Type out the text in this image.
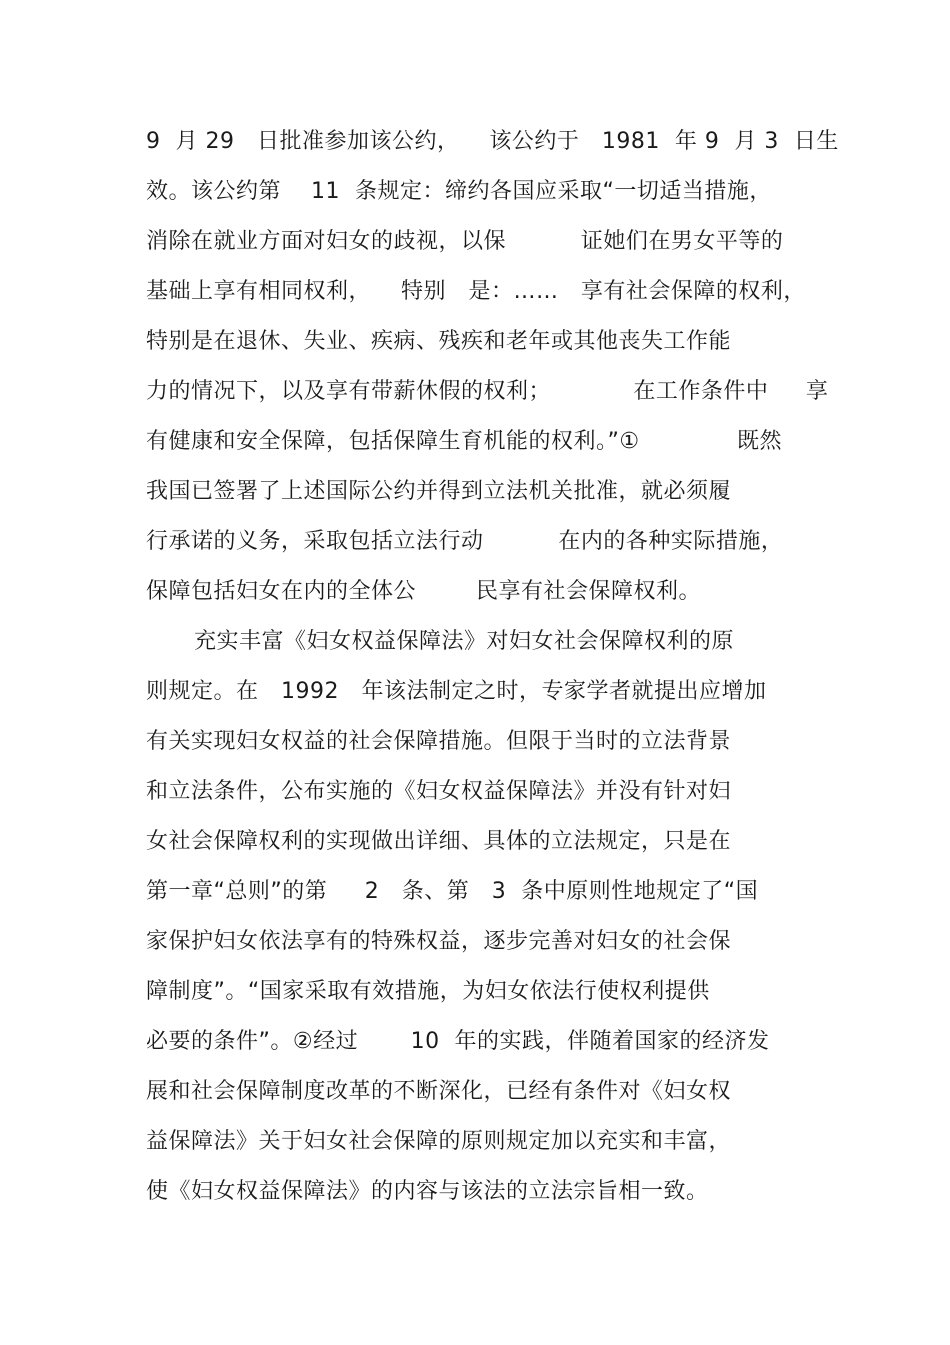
9  月 29   日批准参加该公约，    该公约于   1981  年 9  月 3  日生
效。该公约第    11  条规定：缔约各国应采取“一切适当措施，
消除在就业方面对妇女的歧视，以保          证她们在男女平等的
基础上享有相同权利，    特别   是：……   享有社会保障的权利，
特别是在退休、失业、疾病、残疾和老年或其他丧失工作能
力的情况下，以及享有带薪休假的权利；           在工作条件中     享
有健康和安全保障，包括保障生育机能的权利。”①             既然
我国已签署了上述国际公约并得到立法机关批准，就必须履
行承诺的义务，采取包括立法行动          在内的各种实际措施，
保障包括妇女在内的全体公        民享有社会保障权利。
充实丰富《妇女权益保障法》对妇女社会保障权利的原
则规定。在   1992   年该法制定之时，专家学者就提出应增加
有关实现妇女权益的社会保障措施。但限于当时的立法背景
和立法条件，公布实施的《妇女权益保障法》并没有针对妇
女社会保障权利的实现做出详细、具体的立法规定，只是在
第一章“总则”的第     2   条、第   3  条中原则性地规定了“国
家保护妇女依法享有的特殊权益，逐步完善对妇女的社会保
障制度”。“国家采取有效措施，为妇女依法行使权利提供
必要的条件”。②经过       10  年的实践，伴随着国家的经济发
展和社会保障制度改革的不断深化，已经有条件对《妇女权
益保障法》关于妇女社会保障的原则规定加以充实和丰富，
使《妇女权益保障法》的内容与该法的立法宗旨相一致。
